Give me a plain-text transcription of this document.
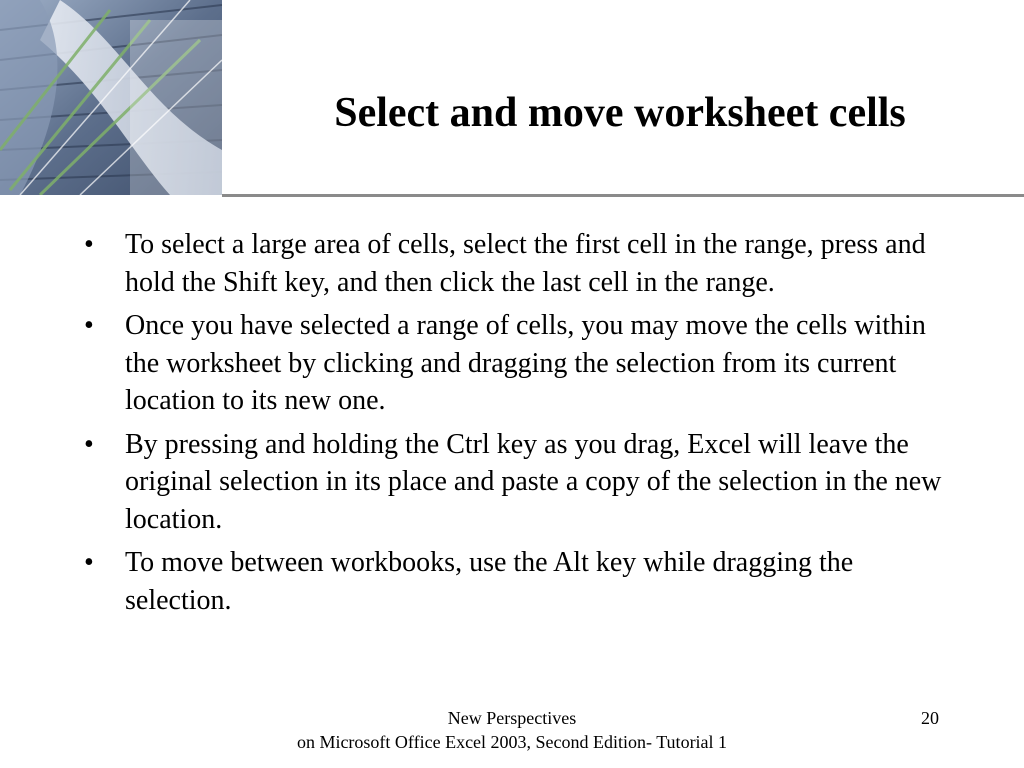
Select and move worksheet cells
•	To select a large area of cells, select the first cell in the range, press and hold the Shift key, and then click the last cell in the range.
•	Once you have selected a range of cells, you may move the cells within the worksheet by clicking and dragging the selection from its current location to its new one.
•	By pressing and holding the Ctrl key as you drag, Excel will leave the original selection in its place and paste a copy of the selection in the new location.
•	To move between workbooks, use the Alt key while dragging the selection.
New Perspectives
on Microsoft Office Excel 2003, Second Edition- Tutorial 1
20
